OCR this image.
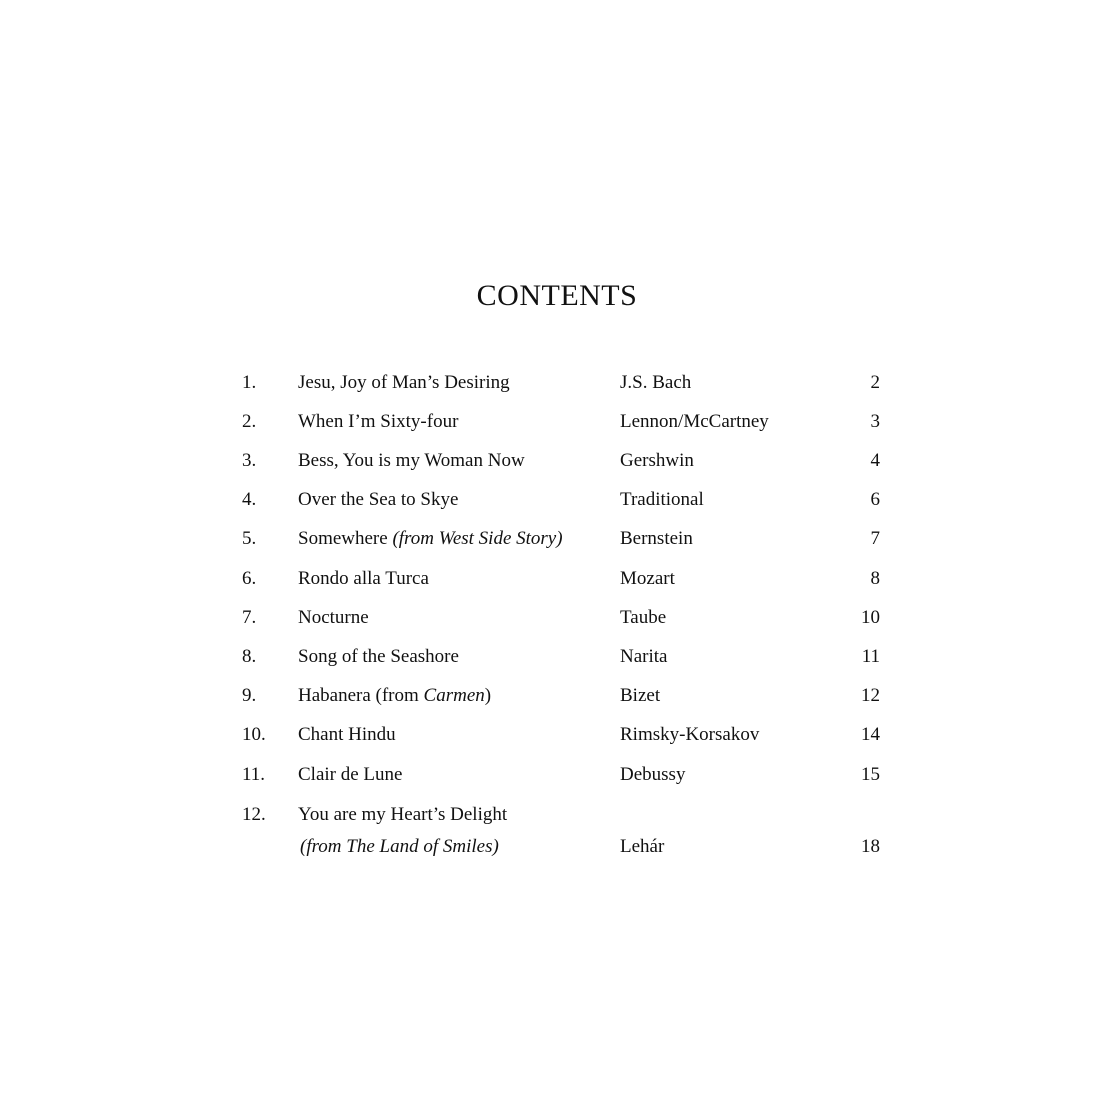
CONTENTS
1.	Jesu, Joy of Man’s Desiring	J.S. Bach	2
2.	When I’m Sixty-four	Lennon/McCartney	3
3.	Bess, You is my Woman Now	Gershwin	4
4.	Over the Sea to Skye	Traditional	6
5.	Somewhere (from West Side Story)	Bernstein	7
6.	Rondo alla Turca	Mozart	8
7.	Nocturne	Taube	10
8.	Song of the Seashore	Narita	11
9.	Habanera (from Carmen)	Bizet	12
10.	Chant Hindu	Rimsky-Korsakov	14
11.	Clair de Lune	Debussy	15
12.	You are my Heart’s Delight
(from The Land of Smiles)	Lehár	18
